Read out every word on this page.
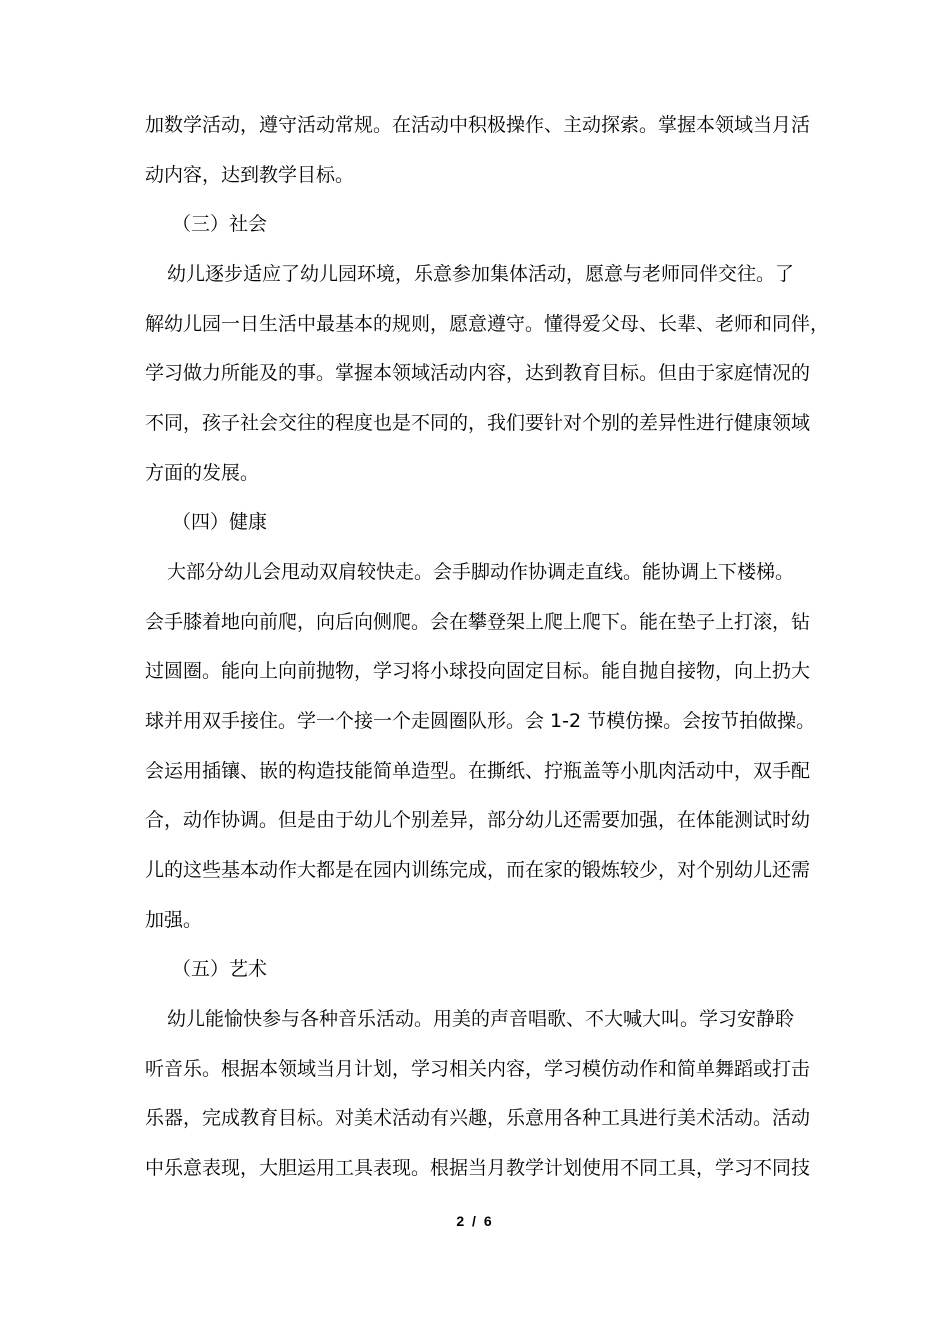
加数学活动，遵守活动常规。在活动中积极操作、主动探索。掌握本领域当月活
动内容，达到教学目标。
（三）社会
幼儿逐步适应了幼儿园环境，乐意参加集体活动，愿意与老师同伴交往。了
解幼儿园一日生活中最基本的规则，愿意遵守。懂得爱父母、长辈、老师和同伴，
学习做力所能及的事。掌握本领域活动内容，达到教育目标。但由于家庭情况的
不同，孩子社会交往的程度也是不同的，我们要针对个别的差异性进行健康领域
方面的发展。
（四）健康
大部分幼儿会甩动双肩较快走。会手脚动作协调走直线。能协调上下楼梯。
会手膝着地向前爬，向后向侧爬。会在攀登架上爬上爬下。能在垫子上打滚，钻
过圆圈。能向上向前抛物，学习将小球投向固定目标。能自抛自接物，向上扔大
球并用双手接住。学一个接一个走圆圈队形。会 1-2 节模仿操。会按节拍做操。
会运用插镶、嵌的构造技能简单造型。在撕纸、拧瓶盖等小肌肉活动中，双手配
合，动作协调。但是由于幼儿个别差异，部分幼儿还需要加强，在体能测试时幼
儿的这些基本动作大都是在园内训练完成，而在家的锻炼较少，对个别幼儿还需
加强。
（五）艺术
幼儿能愉快参与各种音乐活动。用美的声音唱歌、不大喊大叫。学习安静聆
听音乐。根据本领域当月计划，学习相关内容，学习模仿动作和简单舞蹈或打击
乐器，完成教育目标。对美术活动有兴趣，乐意用各种工具进行美术活动。活动
中乐意表现，大胆运用工具表现。根据当月教学计划使用不同工具，学习不同技
2 / 6
